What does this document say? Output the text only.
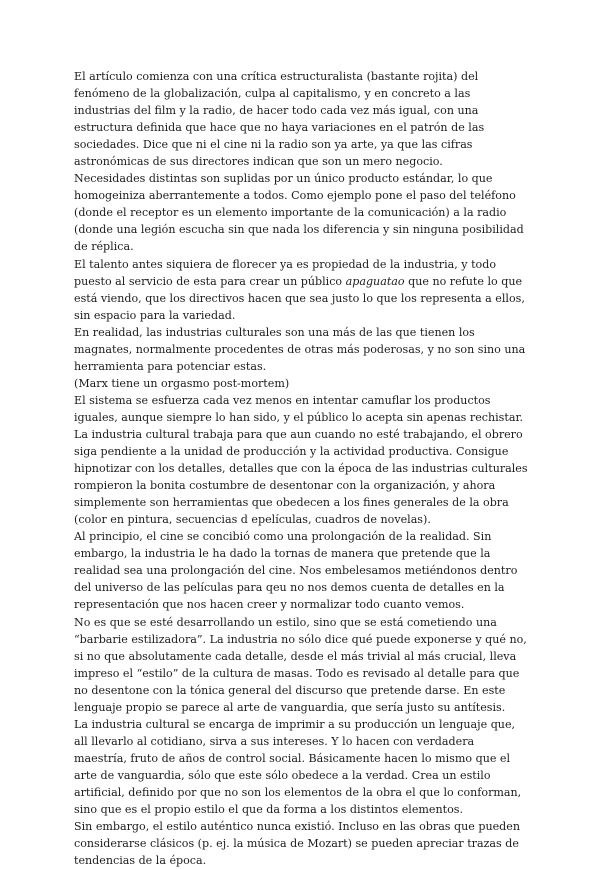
El artículo comienza con una crítica estructuralista (bastante rojita) del fenómeno de la globalización, culpa al capitalismo, y en concreto a las industrias del film y la radio, de hacer todo cada vez más igual, con una estructura definida que hace que no haya variaciones en el patrón de las sociedades. Dice que ni el cine ni la radio son ya arte, ya que las cifras astronómicas de sus directores indican que son un mero negocio.

Necesidades distintas son suplidas por un único producto estándar, lo que homogeiniza aberrantemente a todos. Como ejemplo pone el paso del teléfono (donde el receptor es un elemento importante de la comunicación) a la radio (donde una legión escucha sin que nada los diferencia y sin ninguna posibilidad de réplica.

El talento antes siquiera de florecer ya es propiedad de la industria, y todo puesto al servicio de esta para crear un público apaguatao que no refute lo que está viendo, que los directivos hacen que sea justo lo que los representa a ellos, sin espacio para la variedad.

En realidad, las industrias culturales son una más de las que tienen los magnates, normalmente procedentes de otras más poderosas, y no son sino una herramienta para potenciar estas.

(Marx tiene un orgasmo post-mortem)

El sistema se esfuerza cada vez menos en intentar camuflar los productos iguales, aunque siempre lo han sido, y el público lo acepta sin apenas rechistar. La industria cultural trabaja para que aun cuando no esté trabajando, el obrero siga pendiente a la unidad de producción y la actividad productiva. Consigue hipnotizar con los detalles, detalles que con la época de las industrias culturales rompieron la bonita costumbre de desentonar con la organización, y ahora simplemente son herramientas que obedecen a los fines generales de la obra (color en pintura, secuencias d epelículas, cuadros de novelas).

Al principio, el cine se concibió como una prolongación de la realidad. Sin embargo, la industria le ha dado la tornas de manera que pretende que la realidad sea una prolongación del cine. Nos embelesamos metiéndonos dentro del universo de las películas para qeu no nos demos cuenta de detalles en la representación que nos hacen creer y normalizar todo cuanto vemos.

No es que se esté desarrollando un estilo, sino que se está cometiendo una “barbarie estilizadora”. La industria no sólo dice qué puede exponerse y qué no, si no que absolutamente cada detalle, desde el más trivial al más crucial, lleva impreso el “estilo” de la cultura de masas. Todo es revisado al detalle para que no desentone con la tónica general del discurso que pretende darse. En este lenguaje propio se parece al arte de vanguardia, que sería justo su antítesis.

La industria cultural se encarga de imprimir a su producción un lenguaje que, all llevarlo al cotidiano, sirva a sus intereses. Y lo hacen con verdadera maestría, fruto de años de control social. Básicamente hacen lo mismo que el arte de vanguardia, sólo que este sólo obedece a la verdad. Crea un estilo artificial, definido por que no son los elementos de la obra el que lo conforman, sino que es el propio estilo el que da forma a los distintos elementos.

Sin embargo, el estilo auténtico nunca existió. Incluso en las obras que pueden considerarse clásicos (p. ej. la música de Mozart) se pueden apreciar trazas de tendencias de la época.
